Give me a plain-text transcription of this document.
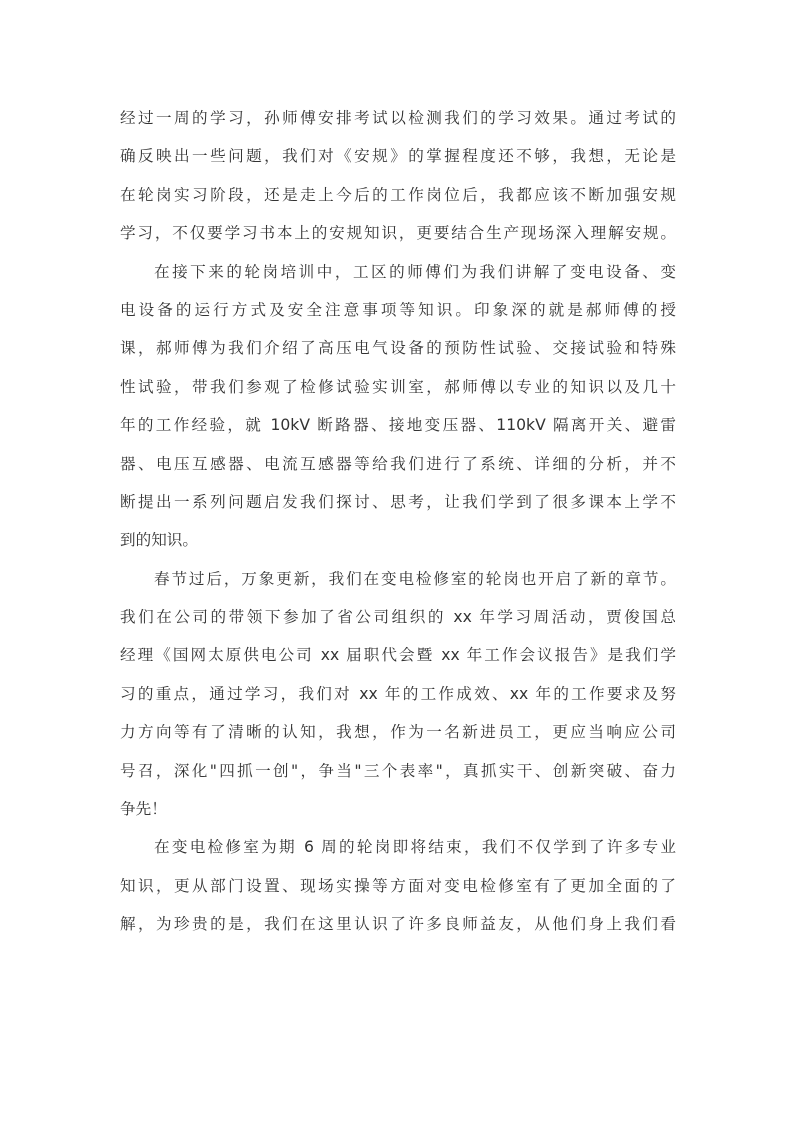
经过一周的学习，孙师傅安排考试以检测我们的学习效果。通过考试的
确反映出一些问题，我们对《安规》的掌握程度还不够，我想，无论是
在轮岗实习阶段，还是走上今后的工作岗位后，我都应该不断加强安规
学习，不仅要学习书本上的安规知识，更要结合生产现场深入理解安规。
在接下来的轮岗培训中，工区的师傅们为我们讲解了变电设备、变
电设备的运行方式及安全注意事项等知识。印象深的就是郝师傅的授
课，郝师傅为我们介绍了高压电气设备的预防性试验、交接试验和特殊
性试验，带我们参观了检修试验实训室，郝师傅以专业的知识以及几十
年的工作经验，就 10kV 断路器、接地变压器、110kV 隔离开关、避雷
器、电压互感器、电流互感器等给我们进行了系统、详细的分析，并不
断提出一系列问题启发我们探讨、思考，让我们学到了很多课本上学不
到的知识。
春节过后，万象更新，我们在变电检修室的轮岗也开启了新的章节。
我们在公司的带领下参加了省公司组织的 xx 年学习周活动，贾俊国总
经理《国网太原供电公司 xx 届职代会暨 xx 年工作会议报告》是我们学
习的重点，通过学习，我们对 xx 年的工作成效、xx 年的工作要求及努
力方向等有了清晰的认知，我想，作为一名新进员工，更应当响应公司
号召，深化"四抓一创"，争当"三个表率"，真抓实干、创新突破、奋力
争先！
在变电检修室为期 6 周的轮岗即将结束，我们不仅学到了许多专业
知识，更从部门设置、现场实操等方面对变电检修室有了更加全面的了
解，为珍贵的是，我们在这里认识了许多良师益友，从他们身上我们看
